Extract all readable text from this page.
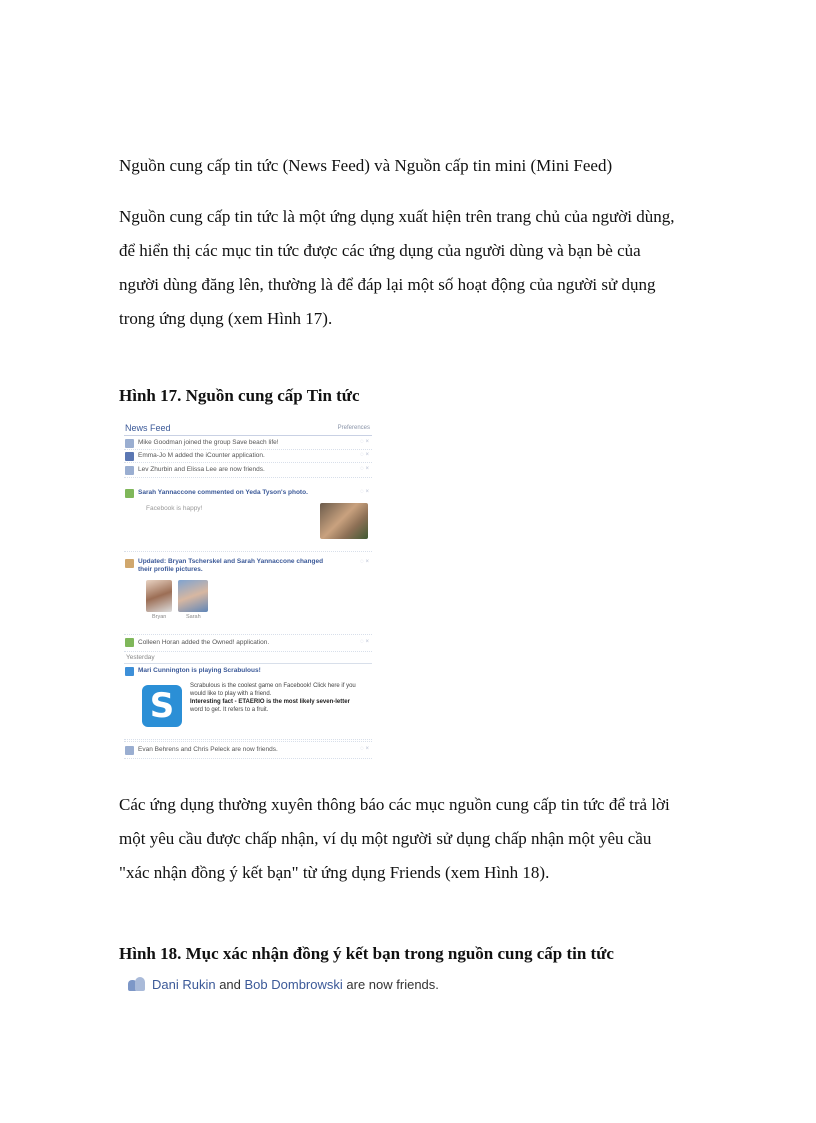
Nguồn cung cấp tin tức (News Feed) và Nguồn cấp tin mini (Mini Feed)

Nguồn cung cấp tin tức là một ứng dụng xuất hiện trên trang chủ của người dùng,
để hiển thị các mục tin tức được các ứng dụng của người dùng và bạn bè của
người dùng đăng lên, thường là để đáp lại một số hoạt động của người sử dụng
trong ứng dụng (xem Hình 17).

Hình 17. Nguồn cung cấp Tin tức

News Feed	Preferences
Mike Goodman joined the group Save beach life!	◌ ×
Emma-Jo M added the iCounter application.	◌ ×
Lev Zhurbin and Elissa Lee are now friends.	◌ ×
Sarah Yannaccone commented on Yeda Tyson's photo.	◌ ×
Facebook is happy!
Updated: Bryan Tscherskel and Sarah Yannaccone changed
their profile pictures.
◌ ×
Bryan	Sarah
Colleen Horan added the Owned! application.	◌ ×
Yesterday
Mari Cunnington is playing Scrabulous!
S	Scrabulous is the coolest game on Facebook! Click here if you
would like to play with a friend.
Interesting fact - ETAERIO is the most likely seven-letter
word to get. It refers to a fruit.
Evan Behrens and Chris Peleck are now friends.	◌ ×

Các ứng dụng thường xuyên thông báo các mục nguồn cung cấp tin tức để trả lời
một yêu cầu được chấp nhận, ví dụ một người sử dụng chấp nhận một yêu cầu
"xác nhận đồng ý kết bạn" từ ứng dụng Friends (xem Hình 18).

Hình 18. Mục xác nhận đồng ý kết bạn trong nguồn cung cấp tin tức

Dani Rukin and Bob Dombrowski are now friends.
